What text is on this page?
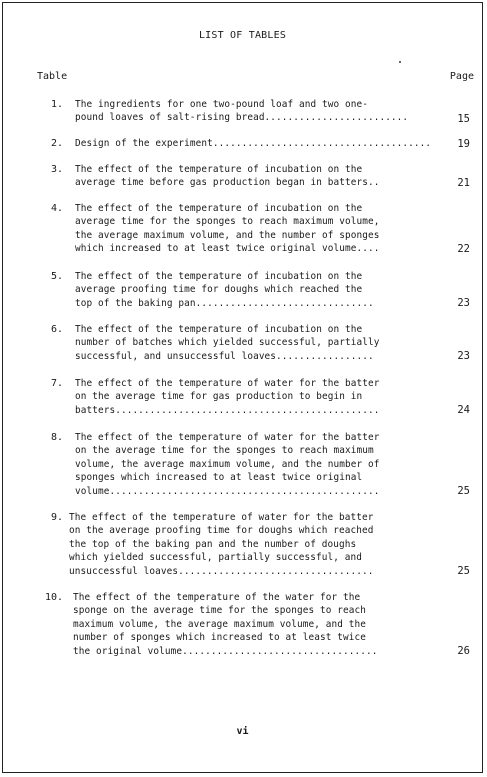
LIST OF TABLES
Table	Page
1. The ingredients for one two-pound loaf and two one-
pound loaves of salt-rising bread.........................	15
2. Design of the experiment......................................	19
3. The effect of the temperature of incubation on the
average time before gas production began in batters..	21
4. The effect of the temperature of incubation on the
average time for the sponges to reach maximum volume,
the average maximum volume, and the number of sponges
which increased to at least twice original volume....	22
5. The effect of the temperature of incubation on the
average proofing time for doughs which reached the
top of the baking pan...............................	23
6. The effect of the temperature of incubation on the
number of batches which yielded successful, partially
successful, and unsuccessful loaves.................	23
7. The effect of the temperature of water for the batter
on the average time for gas production to begin in
batters..............................................	24
8. The effect of the temperature of water for the batter
on the average time for the sponges to reach maximum
volume, the average maximum volume, and the number of
sponges which increased to at least twice original
volume...............................................	25
9. The effect of the temperature of water for the batter
on the average proofing time for doughs which reached
the top of the baking pan and the number of doughs
which yielded successful, partially successful, and
unsuccessful loaves..................................	25
10. The effect of the temperature of the water for the
sponge on the average time for the sponges to reach
maximum volume, the average maximum volume, and the
number of sponges which increased to at least twice
the original volume..................................	26
vi
